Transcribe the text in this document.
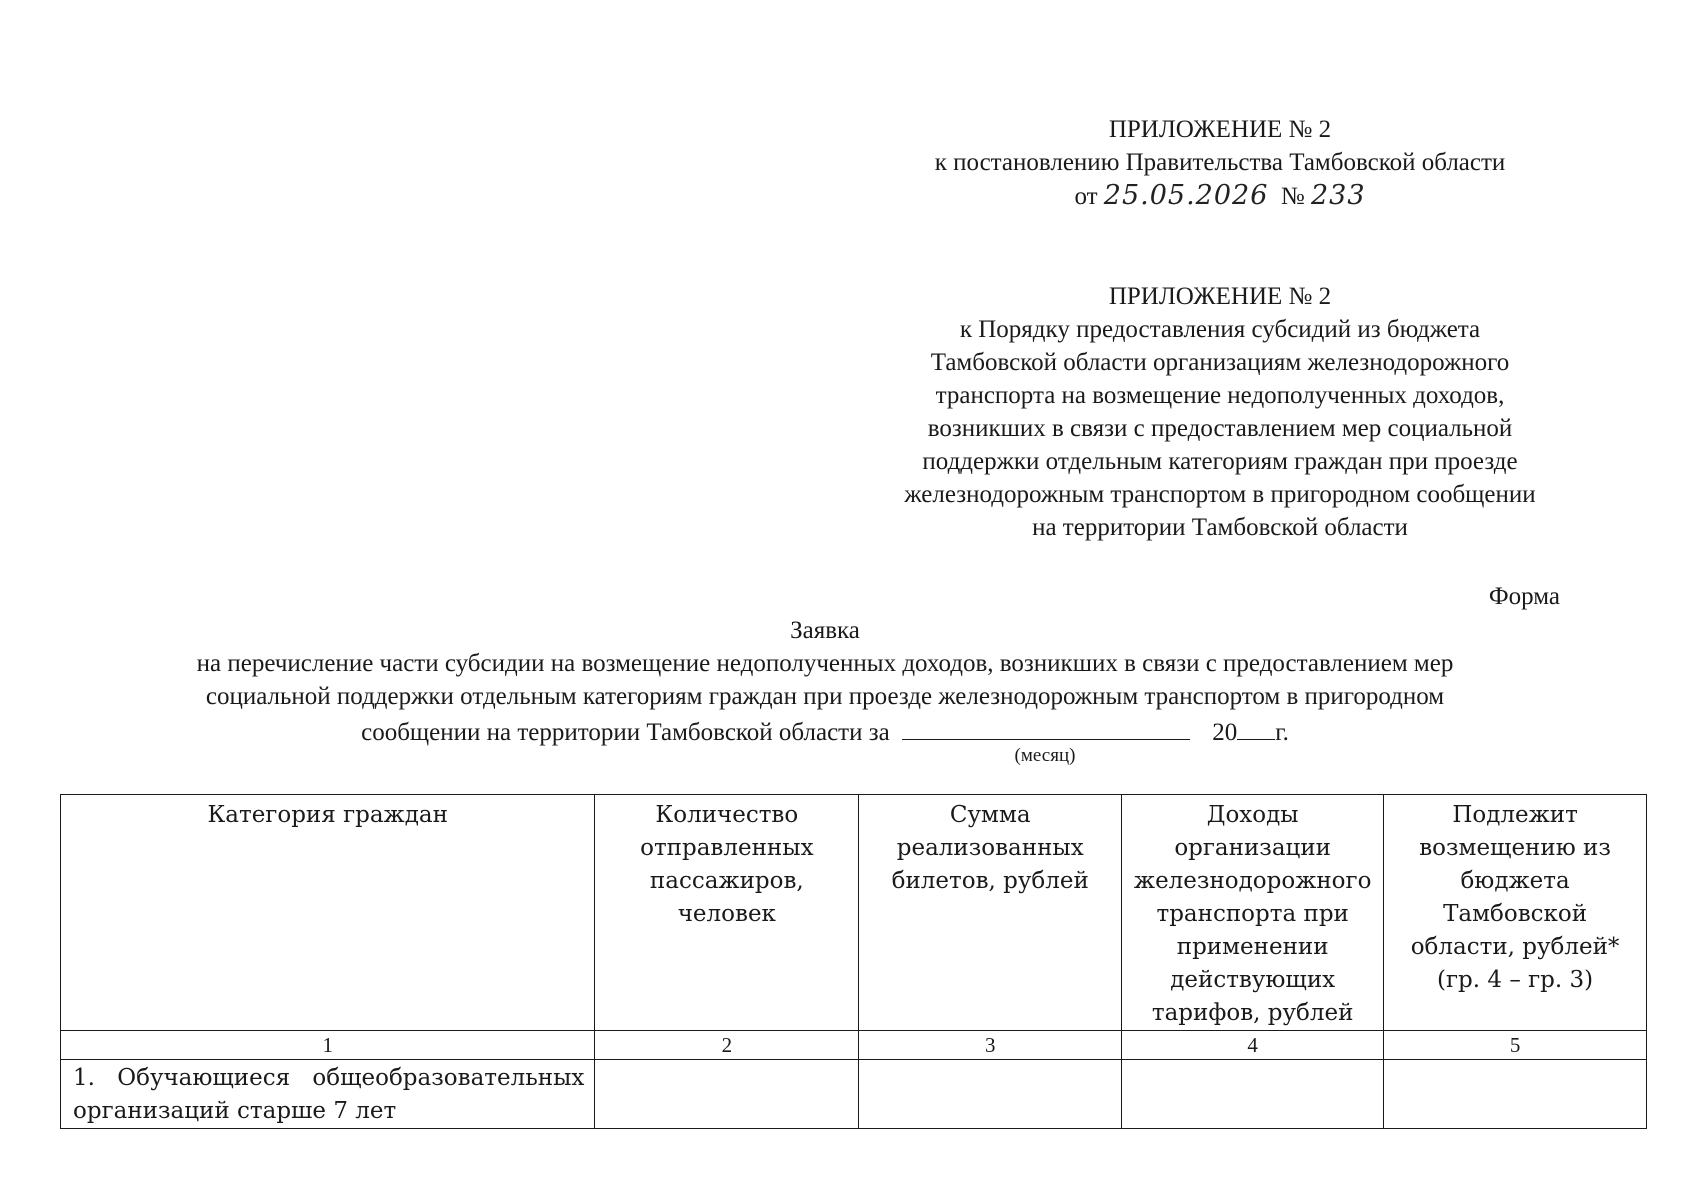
ПРИЛОЖЕНИЕ № 2
к постановлению Правительства Тамбовской области
от 25.05.2026 № 233
ПРИЛОЖЕНИЕ № 2
к Порядку предоставления субсидий из бюджета
Тамбовской области организациям железнодорожного
транспорта на возмещение недополученных доходов,
возникших в связи с предоставлением мер социальной
поддержки отдельным категориям граждан при проезде
железнодорожным транспортом в пригородном сообщении
на территории Тамбовской области
Форма
Заявка
на перечисление части субсидии на возмещение недополученных доходов, возникших в связи с предоставлением мер
социальной поддержки отдельным категориям граждан при проезде железнодорожным транспортом в пригородном
сообщении на территории Тамбовской области за	20 г.
(месяц)
Категория граждан	Количество отправленных пассажиров, человек	Сумма реализованных билетов, рублей	Доходы организации железнодорожного транспорта при применении действующих тарифов, рублей	Подлежит возмещению из бюджета Тамбовской области, рублей* (гр. 4 – гр. 3)
1	2	3	4	5
1. Обучающиеся общеобразовательных организаций старше 7 лет				
